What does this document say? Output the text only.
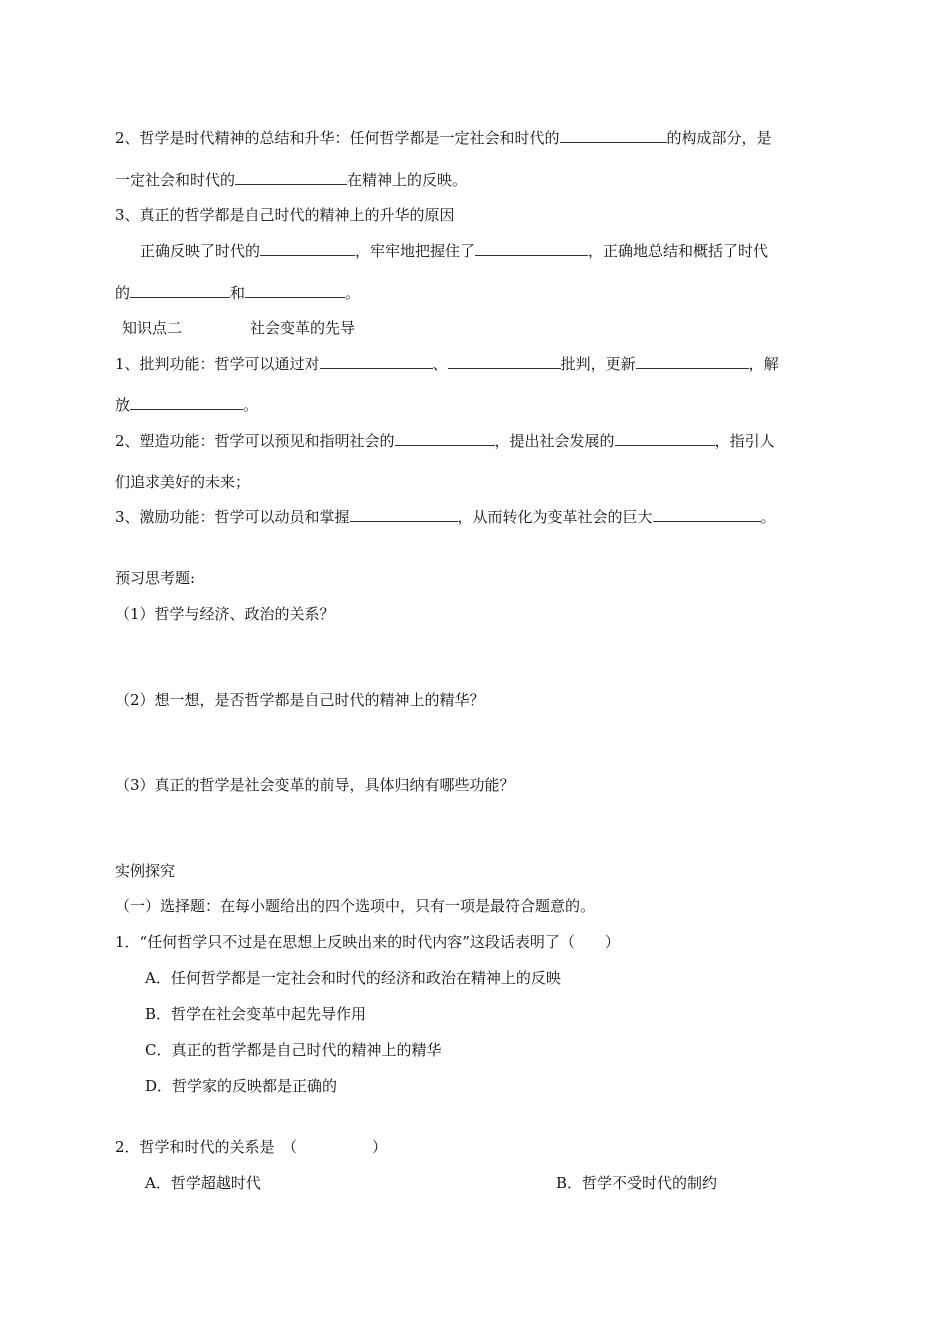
2、哲学是时代精神的总结和升华：任何哲学都是一定社会和时代的	的构成部分，是
一定社会和时代的	在精神上的反映。
3、真正的哲学都是自己时代的精神上的升华的原因
正确反映了时代的	，牢牢地把握住了	，正确地总结和概括了时代
的	和	。
知识点二	社会变革的先导
1、批判功能：哲学可以通过对	、	批判，更新	，解
放	。
2、塑造功能：哲学可以预见和指明社会的	，提出社会发展的	，指引人
们追求美好的未来；
3、激励功能：哲学可以动员和掌握	，从而转化为变革社会的巨大	。
预习思考题:
（1）哲学与经济、政治的关系？
（2）想一想，是否哲学都是自己时代的精神上的精华？
（3）真正的哲学是社会变革的前导，具体归纳有哪些功能？
实例探究
（一）选择题：在每小题给出的四个选项中，只有一项是最符合题意的。
1．“任何哲学只不过是在思想上反映出来的时代内容”这段话表明了（　　）
A．任何哲学都是一定社会和时代的经济和政治在精神上的反映
B．哲学在社会变革中起先导作用
C．真正的哲学都是自己时代的精神上的精华
D．哲学家的反映都是正确的
2．哲学和时代的关系是　（　　　　　）
A．哲学超越时代	B．哲学不受时代的制约
